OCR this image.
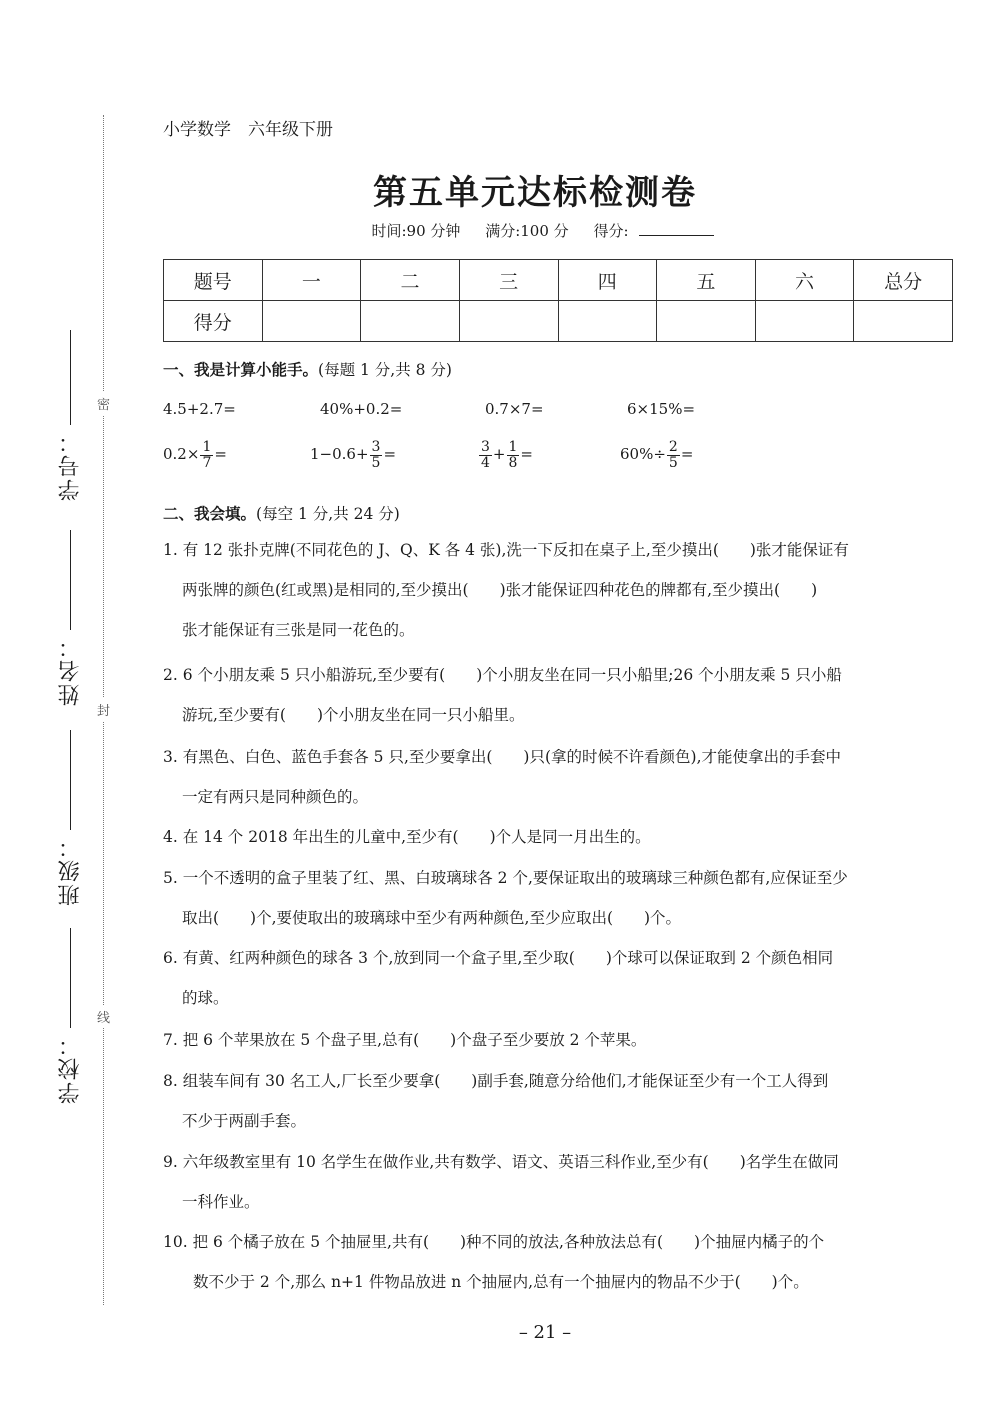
密
封
线
学号：
姓名：
班级：
学校：
小学数学　六年级下册
第五单元达标检测卷
时间:90 分钟 满分:100 分 得分:
题号	一	二	三	四	五	六	总分
得分							
一、我是计算小能手。(每题 1 分,共 8 分)
4.5+2.7=	40%+0.2=	0.7×7=	6×15%=
$0.2\times \frac{1}{7}$ =	$1-0.6+ \frac{3}{5}$ =	$\frac{3}{4} + \frac{1}{8}$ =	$60\%\div \frac{2}{5}$ =
二、我会填。(每空 1 分,共 24 分)
1. 有 12 张扑克牌(不同花色的 J、Q、K 各 4 张),洗一下反扣在桌子上,至少摸出(　　)张才能保证有
两张牌的颜色(红或黑)是相同的,至少摸出(　　)张才能保证四种花色的牌都有,至少摸出(　　)
张才能保证有三张是同一花色的。
2. 6 个小朋友乘 5 只小船游玩,至少要有(　　)个小朋友坐在同一只小船里;26 个小朋友乘 5 只小船
游玩,至少要有(　　)个小朋友坐在同一只小船里。
3. 有黑色、白色、蓝色手套各 5 只,至少要拿出(　　)只(拿的时候不许看颜色),才能使拿出的手套中
一定有两只是同种颜色的。
4. 在 14 个 2018 年出生的儿童中,至少有(　　)个人是同一月出生的。
5. 一个不透明的盒子里装了红、黑、白玻璃球各 2 个,要保证取出的玻璃球三种颜色都有,应保证至少
取出(　　)个,要使取出的玻璃球中至少有两种颜色,至少应取出(　　)个。
6. 有黄、红两种颜色的球各 3 个,放到同一个盒子里,至少取(　　)个球可以保证取到 2 个颜色相同
的球。
7. 把 6 个苹果放在 5 个盘子里,总有(　　)个盘子至少要放 2 个苹果。
8. 组装车间有 30 名工人,厂长至少要拿(　　)副手套,随意分给他们,才能保证至少有一个工人得到
不少于两副手套。
9. 六年级教室里有 10 名学生在做作业,共有数学、语文、英语三科作业,至少有(　　)名学生在做同
一科作业。
10. 把 6 个橘子放在 5 个抽屉里,共有(　　)种不同的放法,各种放法总有(　　)个抽屉内橘子的个
数不少于 2 个,那么 n+1 件物品放进 n 个抽屉内,总有一个抽屉内的物品不少于(　　)个。
– 21 –
